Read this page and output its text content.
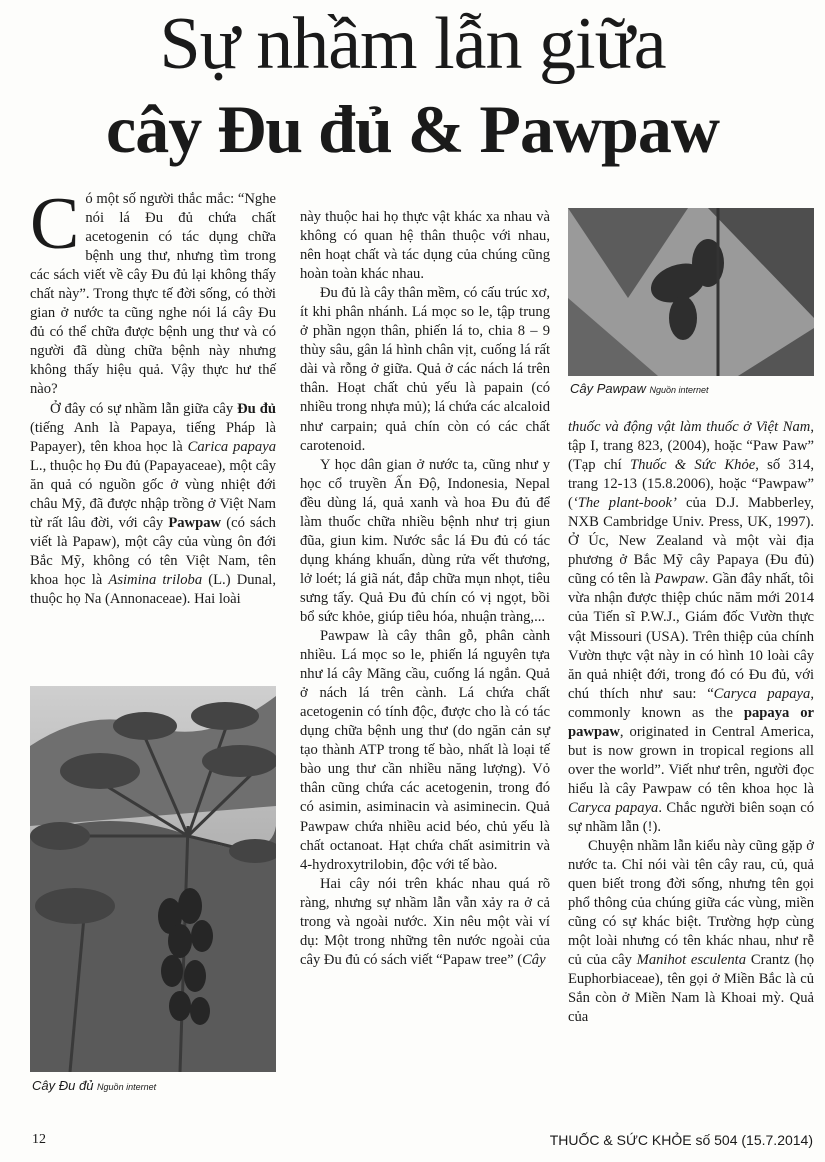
Sự nhầm lẫn giữa
cây Đu đủ & Pawpaw

Có một số người thắc mắc: “Nghe nói lá Đu đủ chứa chất acetogenin có tác dụng chữa bệnh ung thư, nhưng tìm trong các sách viết về cây Đu đủ lại không thấy chất này”. Trong thực tế đời sống, có thời gian ở nước ta cũng nghe nói lá cây Đu đủ có thể chữa được bệnh ung thư và có người đã dùng chữa bệnh này nhưng không thấy hiệu quả. Vậy thực hư thế nào?

Ở đây có sự nhầm lẫn giữa cây Đu đủ (tiếng Anh là Papaya, tiếng Pháp là Papayer), tên khoa học là Carica papaya L., thuộc họ Đu đủ (Papayaceae), một cây ăn quả có nguồn gốc ở vùng nhiệt đới châu Mỹ, đã được nhập trồng ở Việt Nam từ rất lâu đời, với cây Pawpaw (có sách viết là Papaw), một cây của vùng ôn đới Bắc Mỹ, không có tên Việt Nam, tên khoa học là Asimina triloba (L.) Dunal, thuộc họ Na (Annonaceae). Hai loài

Cây Đu đủ Nguồn internet

này thuộc hai họ thực vật khác xa nhau và không có quan hệ thân thuộc với nhau, nên hoạt chất và tác dụng của chúng cũng hoàn toàn khác nhau.

Đu đủ là cây thân mềm, có cấu trúc xơ, ít khi phân nhánh. Lá mọc so le, tập trung ở phần ngọn thân, phiến lá to, chia 8 – 9 thùy sâu, gân lá hình chân vịt, cuống lá rất dài và rỗng ở giữa. Quả ở các nách lá trên thân. Hoạt chất chủ yếu là papain (có nhiều trong nhựa mủ); lá chứa các alcaloid như carpain; quả chín còn có các chất carotenoid.

Y học dân gian ở nước ta, cũng như y học cổ truyền Ấn Độ, Indonesia, Nepal đều dùng lá, quả xanh và hoa Đu đủ để làm thuốc chữa nhiều bệnh như trị giun đũa, giun kim. Nước sắc lá Đu đủ có tác dụng kháng khuẩn, dùng rửa vết thương, lở loét; lá giã nát, đắp chữa mụn nhọt, tiêu sưng tấy. Quả Đu đủ chín có vị ngọt, bồi bổ sức khỏe, giúp tiêu hóa, nhuận tràng,...

Pawpaw là cây thân gỗ, phân cành nhiều. Lá mọc so le, phiến lá nguyên tựa như lá cây Mãng cầu, cuống lá ngắn. Quả ở nách lá trên cành. Lá chứa chất acetogenin có tính độc, được cho là có tác dụng chữa bệnh ung thư (do ngăn cản sự tạo thành ATP trong tế bào, nhất là loại tế bào ung thư cần nhiều năng lượng). Vỏ thân cũng chứa các acetogenin, trong đó có asimin, asiminacin và asiminecin. Quả Pawpaw chứa nhiều acid béo, chủ yếu là chất octanoat. Hạt chứa chất asimitrin và 4-hydroxytrilobin, độc với tế bào.

Hai cây nói trên khác nhau quá rõ ràng, nhưng sự nhầm lẫn vẫn xảy ra ở cả trong và ngoài nước. Xin nêu một vài ví dụ: Một trong những tên nước ngoài của cây Đu đủ có sách viết “Papaw tree” (Cây

Cây Pawpaw Nguồn internet

thuốc và động vật làm thuốc ở Việt Nam, tập I, trang 823, (2004), hoặc “Paw Paw” (Tạp chí Thuốc & Sức Khỏe, số 314, trang 12-13 (15.8.2006), hoặc “Pawpaw” (‘The plant-book’ của D.J. Mabberley, NXB Cambridge Univ. Press, UK, 1997). Ở Úc, New Zealand và một vài địa phương ở Bắc Mỹ cây Papaya (Đu đủ) cũng có tên là Pawpaw. Gần đây nhất, tôi vừa nhận được thiệp chúc năm mới 2014 của Tiến sĩ P.W.J., Giám đốc Vườn thực vật Missouri (USA). Trên thiệp của chính Vườn thực vật này in có hình 10 loài cây ăn quả nhiệt đới, trong đó có Đu đủ, với chú thích như sau: “Caryca papaya, commonly known as the papaya or pawpaw, originated in Central America, but is now grown in tropical regions all over the world”. Viết như trên, người đọc hiểu là cây Pawpaw có tên khoa học là Caryca papaya. Chắc người biên soạn có sự nhầm lẫn (!).

Chuyện nhầm lẫn kiểu này cũng gặp ở nước ta. Chỉ nói vài tên cây rau, củ, quả quen biết trong đời sống, nhưng tên gọi phổ thông của chúng giữa các vùng, miền cũng có sự khác biệt. Trường hợp cùng một loài nhưng có tên khác nhau, như rễ củ của cây Manihot esculenta Crantz (họ Euphorbiaceae), tên gọi ở Miền Bắc là củ Sắn còn ở Miền Nam là Khoai mỳ. Quả của

12	THUỐC & SỨC KHỎE số 504 (15.7.2014)
